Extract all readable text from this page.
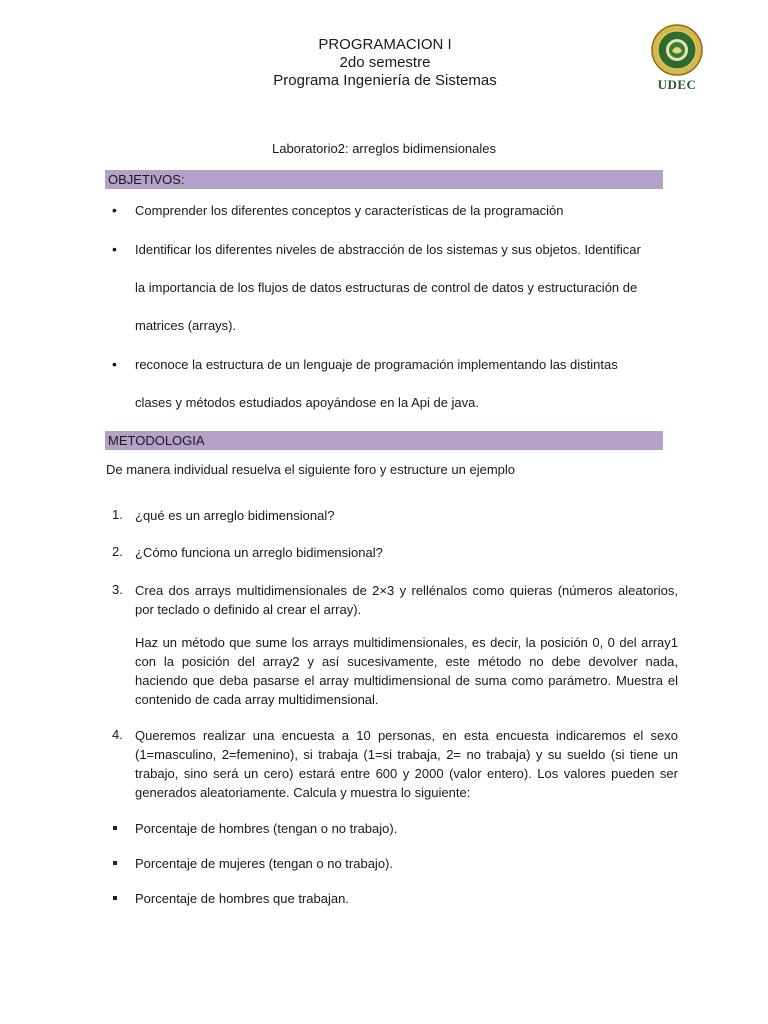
PROGRAMACION I
2do semestre
Programa Ingeniería de Sistemas	UDEC
Laboratorio2: arreglos bidimensionales
OBJETIVOS:
• Comprender los diferentes conceptos y características de la programación
• Identificar los diferentes niveles de abstracción de los sistemas y sus objetos. Identificar
la importancia de los flujos de datos estructuras de control de datos y estructuración de
matrices (arrays).
• reconoce la estructura de un lenguaje de programación implementando las distintas
clases y métodos estudiados apoyándose en la Api de java.
METODOLOGIA
De manera individual resuelva el siguiente foro y estructure un ejemplo
1. ¿qué es un arreglo bidimensional?
2. ¿Cómo funciona un arreglo bidimensional?
3. Crea dos arrays multidimensionales de 2×3 y rellénalos como quieras (números aleatorios, por teclado o definido al crear el array).
Haz un método que sume los arrays multidimensionales, es decir, la posición 0, 0 del array1 con la posición del array2 y así sucesivamente, este método no debe devolver nada, haciendo que deba pasarse el array multidimensional de suma como parámetro. Muestra el contenido de cada array multidimensional.
4. Queremos realizar una encuesta a 10 personas, en esta encuesta indicaremos el sexo (1=masculino, 2=femenino), si trabaja (1=si trabaja, 2= no trabaja) y su sueldo (si tiene un trabajo, sino será un cero) estará entre 600 y 2000 (valor entero). Los valores pueden ser generados aleatoriamente. Calcula y muestra lo siguiente:
Porcentaje de hombres (tengan o no trabajo).
Porcentaje de mujeres (tengan o no trabajo).
Porcentaje de hombres que trabajan.
